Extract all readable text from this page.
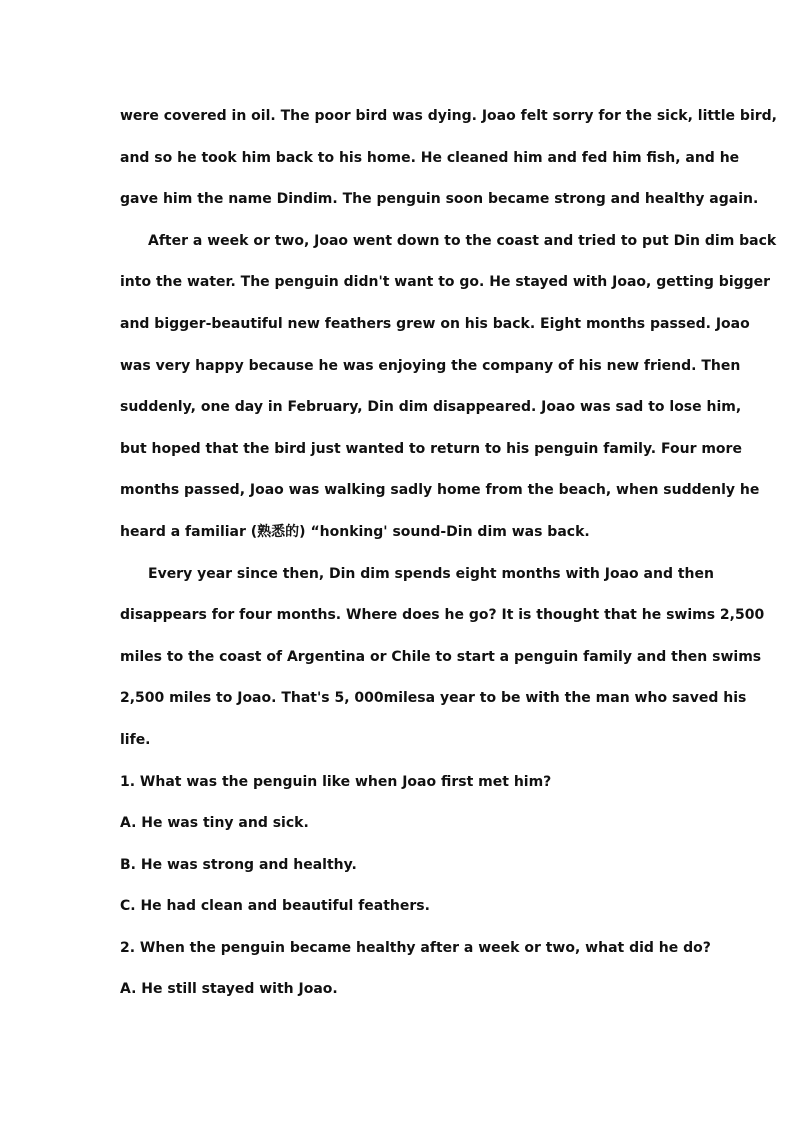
were covered in oil. The poor bird was dying. Joao felt sorry for the sick, little bird,
and so he took him back to his home. He cleaned him and fed him fish, and he
gave him the name Dindim. The penguin soon became strong and healthy again.
After a week or two, Joao went down to the coast and tried to put Din dim back
into the water. The penguin didn't want to go. He stayed with Joao, getting bigger
and bigger-beautiful new feathers grew on his back. Eight months passed. Joao
was very happy because he was enjoying the company of his new friend. Then
suddenly, one day in February, Din dim disappeared. Joao was sad to lose him,
but hoped that the bird just wanted to return to his penguin family. Four more
months passed, Joao was walking sadly home from the beach, when suddenly he
heard a familiar (熟悉的) “honking' sound-Din dim was back.
Every year since then, Din dim spends eight months with Joao and then
disappears for four months. Where does he go? It is thought that he swims 2,500
miles to the coast of Argentina or Chile to start a penguin family and then swims
2,500 miles to Joao. That's 5, 000milesa year to be with the man who saved his
life.
1. What was the penguin like when Joao first met him?
A. He was tiny and sick.
B. He was strong and healthy.
C. He had clean and beautiful feathers.
2. When the penguin became healthy after a week or two, what did he do?
A. He still stayed with Joao.
